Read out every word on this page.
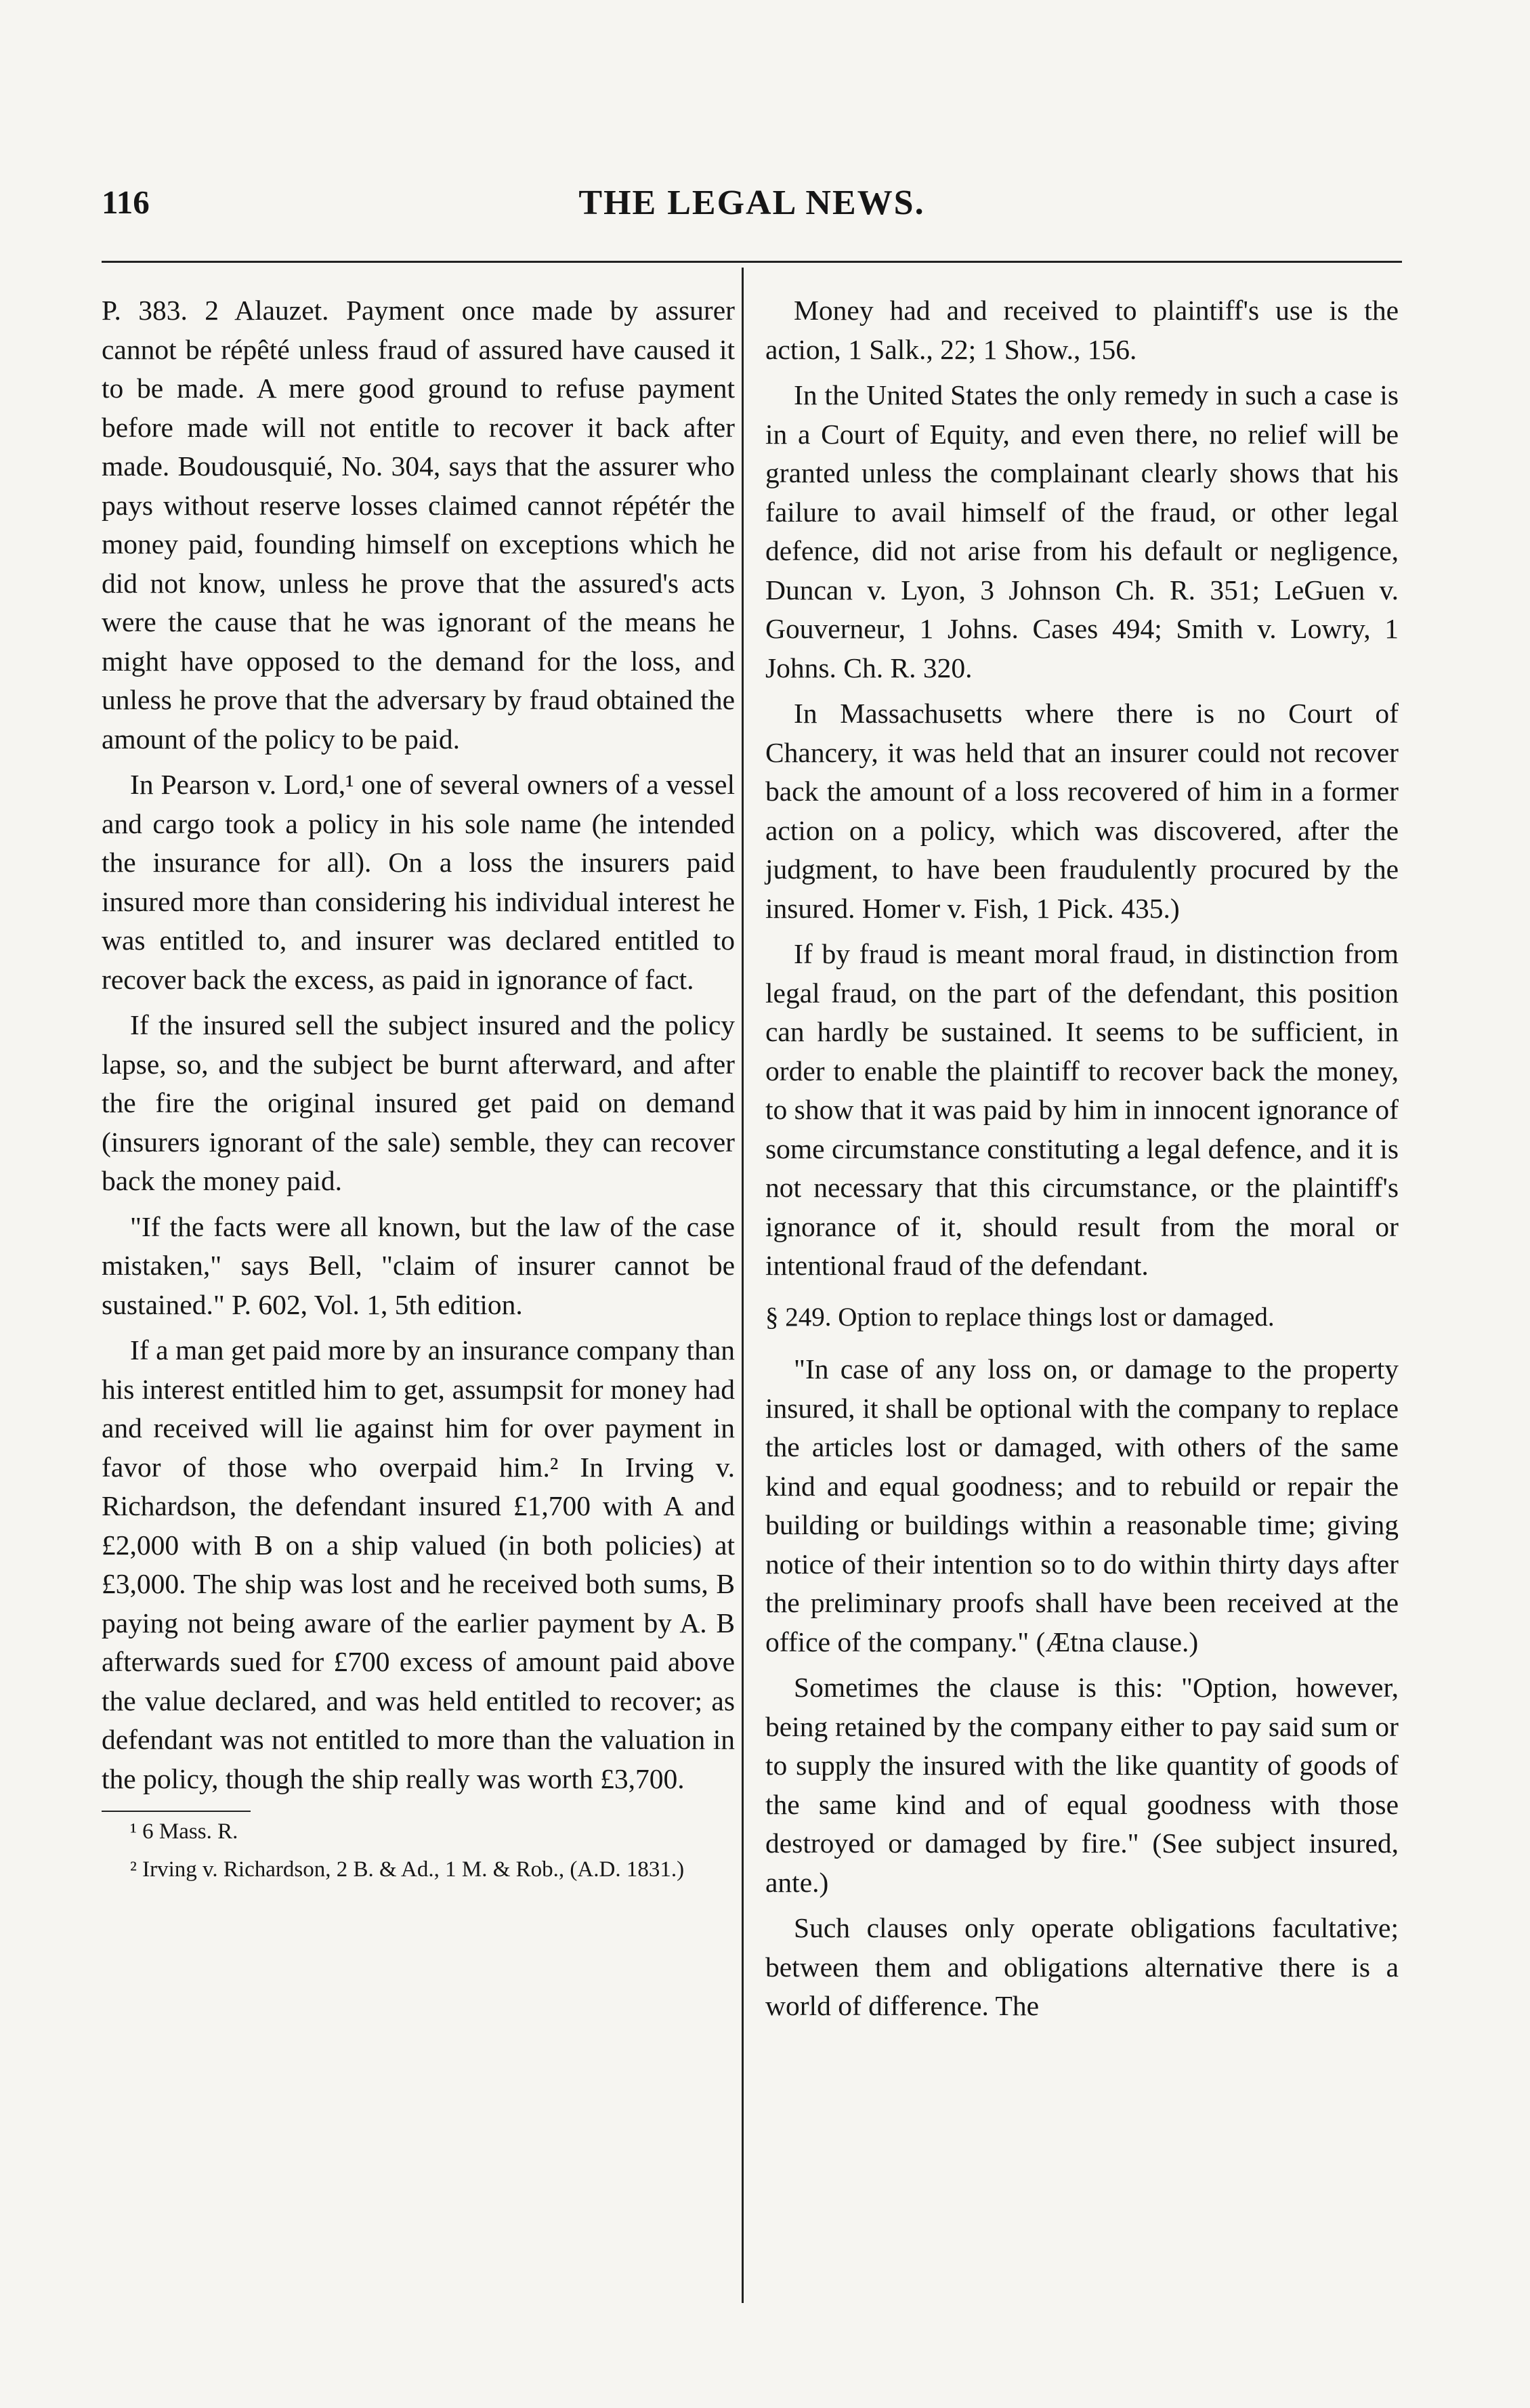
116	THE LEGAL NEWS.

P. 383. 2 Alauzet. Payment once made by assurer cannot be répêté unless fraud of assured have caused it to be made. A mere good ground to refuse payment before made will not entitle to recover it back after made. Boudousquié, No. 304, says that the assurer who pays without reserve losses claimed cannot répétér the money paid, founding himself on exceptions which he did not know, unless he prove that the assured's acts were the cause that he was ignorant of the means he might have opposed to the demand for the loss, and unless he prove that the adversary by fraud obtained the amount of the policy to be paid.

In Pearson v. Lord,¹ one of several owners of a vessel and cargo took a policy in his sole name (he intended the insurance for all). On a loss the insurers paid insured more than considering his individual interest he was entitled to, and insurer was declared entitled to recover back the excess, as paid in ignorance of fact.

If the insured sell the subject insured and the policy lapse, so, and the subject be burnt afterward, and after the fire the original insured get paid on demand (insurers ignorant of the sale) semble, they can recover back the money paid.

"If the facts were all known, but the law of the case mistaken," says Bell, "claim of insurer cannot be sustained." P. 602, Vol. 1, 5th edition.

If a man get paid more by an insurance company than his interest entitled him to get, assumpsit for money had and received will lie against him for over payment in favor of those who overpaid him.² In Irving v. Richardson, the defendant insured £1,700 with A and £2,000 with B on a ship valued (in both policies) at £3,000. The ship was lost and he received both sums, B paying not being aware of the earlier payment by A. B afterwards sued for £700 excess of amount paid above the value declared, and was held entitled to recover; as defendant was not entitled to more than the valuation in the policy, though the ship really was worth £3,700.

¹ 6 Mass. R.

² Irving v. Richardson, 2 B. & Ad., 1 M. & Rob., (A.D. 1831.)

Money had and received to plaintiff's use is the action, 1 Salk., 22; 1 Show., 156.

In the United States the only remedy in such a case is in a Court of Equity, and even there, no relief will be granted unless the complainant clearly shows that his failure to avail himself of the fraud, or other legal defence, did not arise from his default or negligence, Duncan v. Lyon, 3 Johnson Ch. R. 351; LeGuen v. Gouverneur, 1 Johns. Cases 494; Smith v. Lowry, 1 Johns. Ch. R. 320.

In Massachusetts where there is no Court of Chancery, it was held that an insurer could not recover back the amount of a loss recovered of him in a former action on a policy, which was discovered, after the judgment, to have been fraudulently procured by the insured. Homer v. Fish, 1 Pick. 435.)

If by fraud is meant moral fraud, in distinction from legal fraud, on the part of the defendant, this position can hardly be sustained. It seems to be sufficient, in order to enable the plaintiff to recover back the money, to show that it was paid by him in innocent ignorance of some circumstance constituting a legal defence, and it is not necessary that this circumstance, or the plaintiff's ignorance of it, should result from the moral or intentional fraud of the defendant.

§ 249. Option to replace things lost or damaged.

"In case of any loss on, or damage to the property insured, it shall be optional with the company to replace the articles lost or damaged, with others of the same kind and equal goodness; and to rebuild or repair the building or buildings within a reasonable time; giving notice of their intention so to do within thirty days after the preliminary proofs shall have been received at the office of the company." (Ætna clause.)

Sometimes the clause is this: "Option, however, being retained by the company either to pay said sum or to supply the insured with the like quantity of goods of the same kind and of equal goodness with those destroyed or damaged by fire." (See subject insured, ante.)

Such clauses only operate obligations facultative; between them and obligations alternative there is a world of difference. The
